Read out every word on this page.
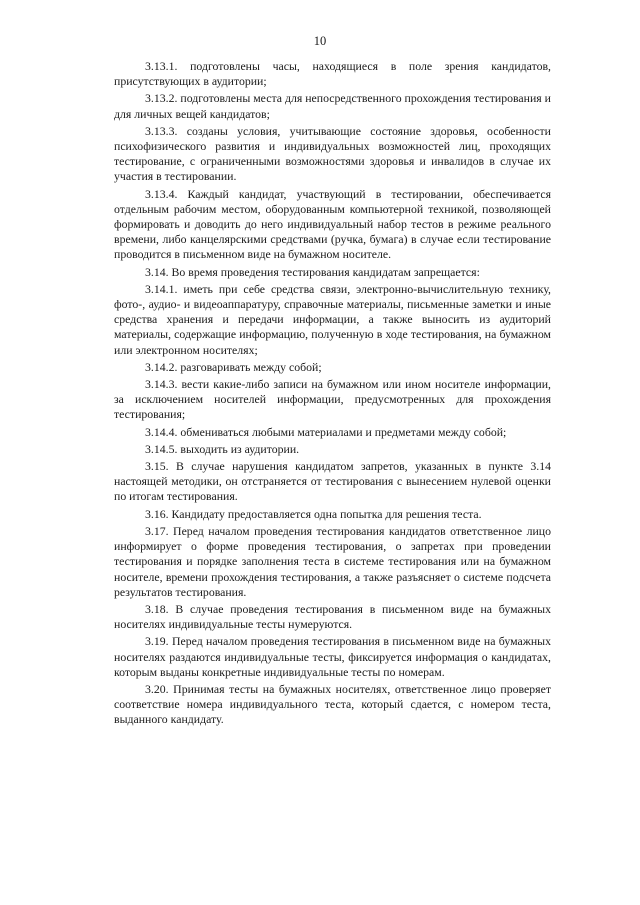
10

3.13.1. подготовлены часы, находящиеся в поле зрения кандидатов, присутствующих в аудитории;

3.13.2. подготовлены места для непосредственного прохождения тестирования и для личных вещей кандидатов;

3.13.3. созданы условия, учитывающие состояние здоровья, особенности психофизического развития и индивидуальных возможностей лиц, проходящих тестирование, с ограниченными возможностями здоровья и инвалидов в случае их участия в тестировании.

3.13.4. Каждый кандидат, участвующий в тестировании, обеспечивается отдельным рабочим местом, оборудованным компьютерной техникой, позволяющей формировать и доводить до него индивидуальный набор тестов в режиме реального времени, либо канцелярскими средствами (ручка, бумага) в случае если тестирование проводится в письменном виде на бумажном носителе.

3.14. Во время проведения тестирования кандидатам запрещается:

3.14.1. иметь при себе средства связи, электронно-вычислительную технику, фото-, аудио- и видеоаппаратуру, справочные материалы, письменные заметки и иные средства хранения и передачи информации, а также выносить из аудиторий материалы, содержащие информацию, полученную в ходе тестирования, на бумажном или электронном носителях;

3.14.2. разговаривать между собой;

3.14.3. вести какие-либо записи на бумажном или ином носителе информации, за исключением носителей информации, предусмотренных для прохождения тестирования;

3.14.4. обмениваться любыми материалами и предметами между собой;

3.14.5. выходить из аудитории.

3.15. В случае нарушения кандидатом запретов, указанных в пункте 3.14 настоящей методики, он отстраняется от тестирования с вынесением нулевой оценки по итогам тестирования.

3.16. Кандидату предоставляется одна попытка для решения теста.

3.17. Перед началом проведения тестирования кандидатов ответственное лицо информирует о форме проведения тестирования, о запретах при проведении тестирования и порядке заполнения теста в системе тестирования или на бумажном носителе, времени прохождения тестирования, а также разъясняет о системе подсчета результатов тестирования.

3.18. В случае проведения тестирования в письменном виде на бумажных носителях индивидуальные тесты нумеруются.

3.19. Перед началом проведения тестирования в письменном виде на бумажных носителях раздаются индивидуальные тесты, фиксируется информация о кандидатах, которым выданы конкретные индивидуальные тесты по номерам.

3.20. Принимая тесты на бумажных носителях, ответственное лицо проверяет соответствие номера индивидуального теста, который сдается, с номером теста, выданного кандидату.
